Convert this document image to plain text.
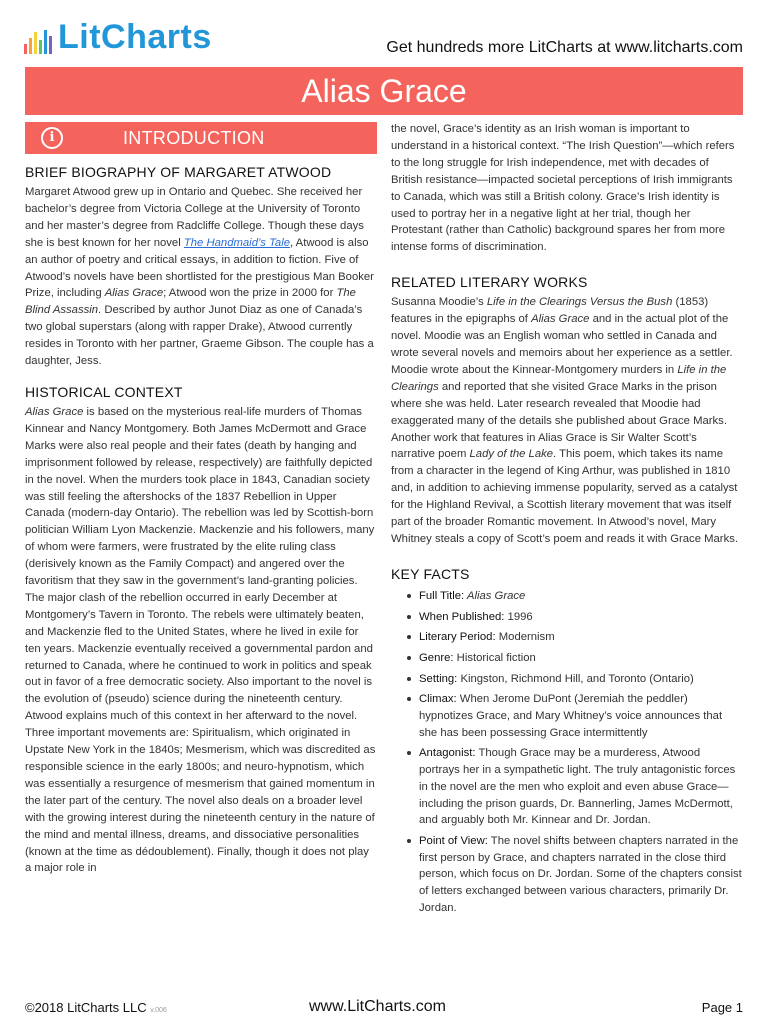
LitCharts	Get hundreds more LitCharts at www.litcharts.com
Alias Grace
i	INTRODUCTION
BRIEF BIOGRAPHY OF MARGARET ATWOOD

Margaret Atwood grew up in Ontario and Quebec. She received her bachelor’s degree from Victoria College at the University of Toronto and her master’s degree from Radcliffe College. Though these days she is best known for her novel The Handmaid’s Tale, Atwood is also an author of poetry and critical essays, in addition to fiction. Five of Atwood’s novels have been shortlisted for the prestigious Man Booker Prize, including Alias Grace; Atwood won the prize in 2000 for The Blind Assassin. Described by author Junot Diaz as one of Canada’s two global superstars (along with rapper Drake), Atwood currently resides in Toronto with her partner, Graeme Gibson. The couple has a daughter, Jess.

HISTORICAL CONTEXT

Alias Grace is based on the mysterious real-life murders of Thomas Kinnear and Nancy Montgomery. Both James McDermott and Grace Marks were also real people and their fates (death by hanging and imprisonment followed by release, respectively) are faithfully depicted in the novel. When the murders took place in 1843, Canadian society was still feeling the aftershocks of the 1837 Rebellion in Upper Canada (modern-day Ontario). The rebellion was led by Scottish-born politician William Lyon Mackenzie. Mackenzie and his followers, many of whom were farmers, were frustrated by the elite ruling class (derisively known as the Family Compact) and angered over the favoritism that they saw in the government’s land-granting policies. The major clash of the rebellion occurred in early December at Montgomery’s Tavern in Toronto. The rebels were ultimately beaten, and Mackenzie fled to the United States, where he lived in exile for ten years. Mackenzie eventually received a governmental pardon and returned to Canada, where he continued to work in politics and speak out in favor of a free democratic society. Also important to the novel is the evolution of (pseudo) science during the nineteenth century. Atwood explains much of this context in her afterward to the novel. Three important movements are: Spiritualism, which originated in Upstate New York in the 1840s; Mesmerism, which was discredited as responsible science in the early 1800s; and neuro-hypnotism, which was essentially a resurgence of mesmerism that gained momentum in the later part of the century. The novel also deals on a broader level with the growing interest during the nineteenth century in the nature of the mind and mental illness, dreams, and dissociative personalities (known at the time as dédoublement). Finally, though it does not play a major role in

the novel, Grace’s identity as an Irish woman is important to understand in a historical context. “The Irish Question”—which refers to the long struggle for Irish independence, met with decades of British resistance—impacted societal perceptions of Irish immigrants to Canada, which was still a British colony. Grace’s Irish identity is used to portray her in a negative light at her trial, though her Protestant (rather than Catholic) background spares her from more intense forms of discrimination.

RELATED LITERARY WORKS

Susanna Moodie’s Life in the Clearings Versus the Bush (1853) features in the epigraphs of Alias Grace and in the actual plot of the novel. Moodie was an English woman who settled in Canada and wrote several novels and memoirs about her experience as a settler. Moodie wrote about the Kinnear-Montgomery murders in Life in the Clearings and reported that she visited Grace Marks in the prison where she was held. Later research revealed that Moodie had exaggerated many of the details she published about Grace Marks. Another work that features in Alias Grace is Sir Walter Scott’s narrative poem Lady of the Lake. This poem, which takes its name from a character in the legend of King Arthur, was published in 1810 and, in addition to achieving immense popularity, served as a catalyst for the Highland Revival, a Scottish literary movement that was itself part of the broader Romantic movement. In Atwood’s novel, Mary Whitney steals a copy of Scott’s poem and reads it with Grace Marks.

KEY FACTS
Full Title: Alias Grace
When Published: 1996
Literary Period: Modernism
Genre: Historical fiction
Setting: Kingston, Richmond Hill, and Toronto (Ontario)
Climax: When Jerome DuPont (Jeremiah the peddler) hypnotizes Grace, and Mary Whitney’s voice announces that she has been possessing Grace intermittently
Antagonist: Though Grace may be a murderess, Atwood portrays her in a sympathetic light. The truly antagonistic forces in the novel are the men who exploit and even abuse Grace—including the prison guards, Dr. Bannerling, James McDermott, and arguably both Mr. Kinnear and Dr. Jordan.
Point of View: The novel shifts between chapters narrated in the first person by Grace, and chapters narrated in the close third person, which focus on Dr. Jordan. Some of the chapters consist of letters exchanged between various characters, primarily Dr. Jordan.
©2018 LitCharts LLC v.006	www.LitCharts.com	Page 1
